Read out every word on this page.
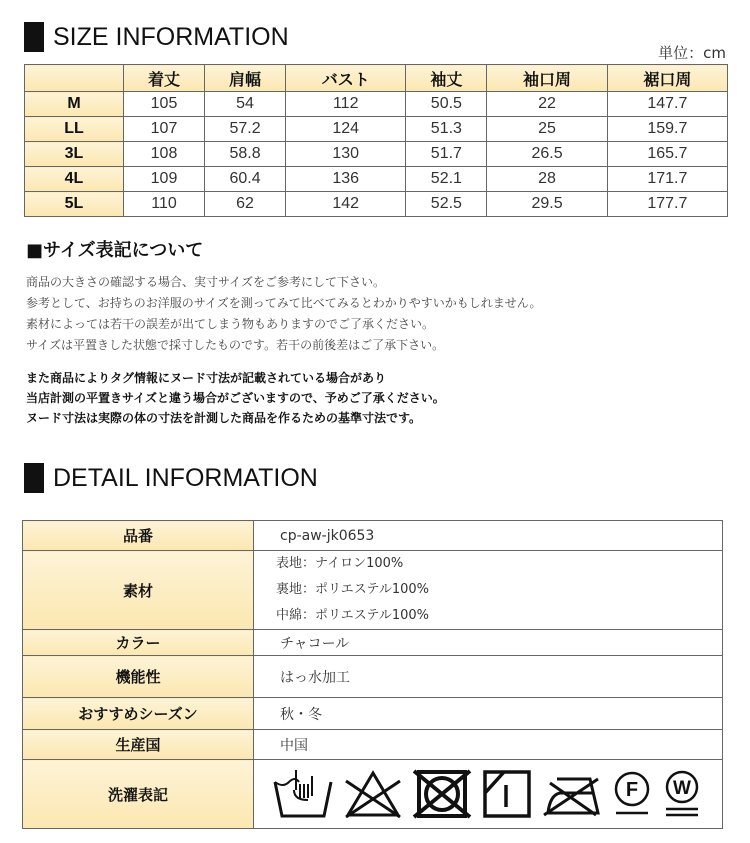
SIZE INFORMATION
単位：cm
	着丈	肩幅	バスト	袖丈	袖口周	裾口周
M	105	54	112	50.5	22	147.7
LL	107	57.2	124	51.3	25	159.7
3L	108	58.8	130	51.7	26.5	165.7
4L	109	60.4	136	52.1	28	171.7
5L	110	62	142	52.5	29.5	177.7
■サイズ表記について
商品の大きさの確認する場合、実寸サイズをご参考にして下さい。
参考として、お持ちのお洋服のサイズを測ってみて比べてみるとわかりやすいかもしれません。
素材によっては若干の誤差が出てしまう物もありますのでご了承ください。
サイズは平置きした状態で採寸したものです。若干の前後差はご了承下さい。
また商品によりタグ情報にヌード寸法が記載されている場合があり
当店計測の平置きサイズと違う場合がございますので、予めご了承ください。
ヌード寸法は実際の体の寸法を計測した商品を作るための基準寸法です。
DETAIL INFORMATION
品番	cp-aw-jk0653
素材	表地：ナイロン100%
裏地：ポリエステル100%
中綿：ポリエステル100%

カラー	チャコール
機能性	はっ水加工
おすすめシーズン	秋・冬
生産国	中国
洗濯表記	F W
